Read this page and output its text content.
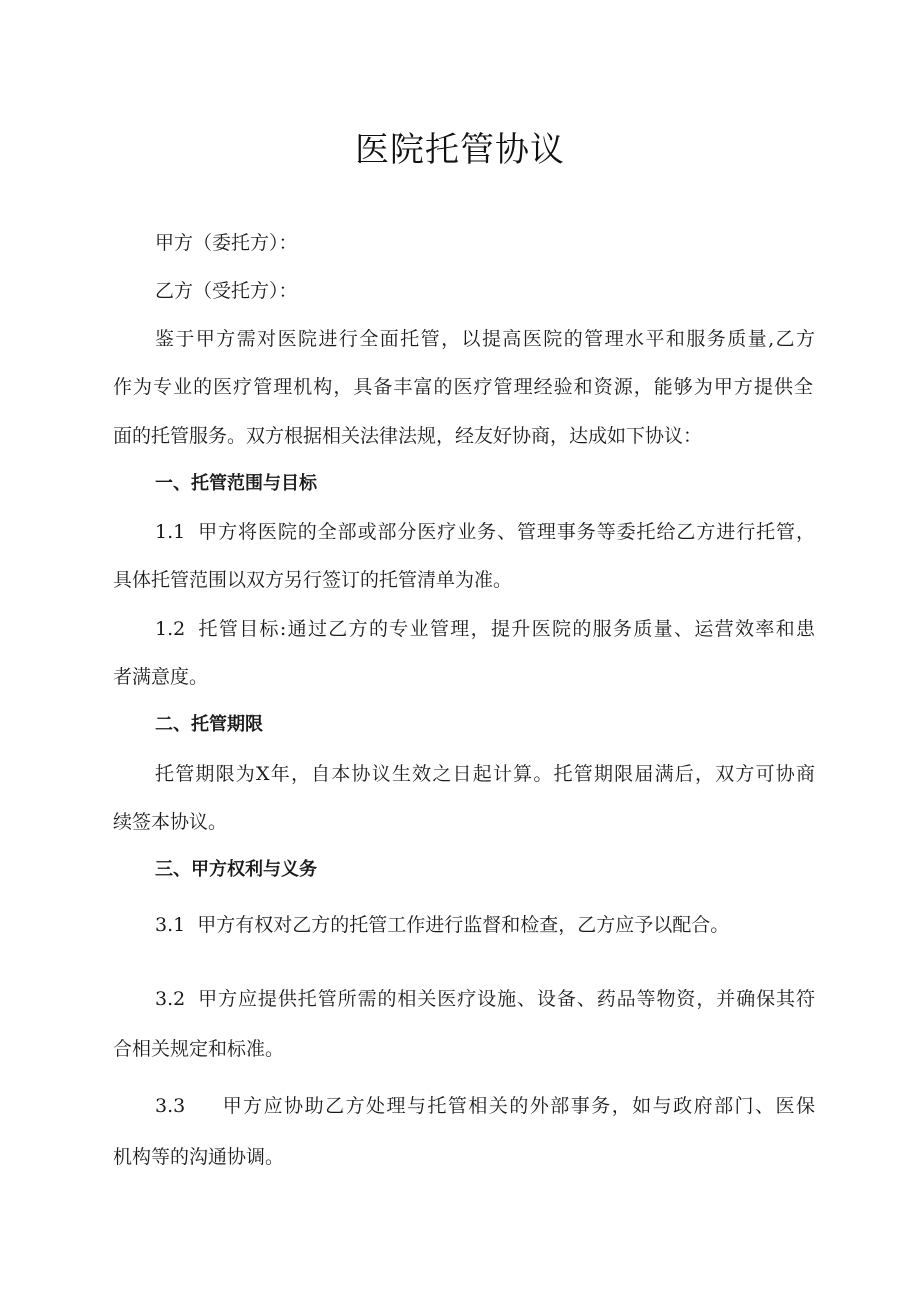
医院托管协议
甲方（委托方）：
乙方（受托方）：
鉴于甲方需对医院进行全面托管，以提高医院的管理水平和服务质量,乙方
作为专业的医疗管理机构，具备丰富的医疗管理经验和资源，能够为甲方提供全
面的托管服务。双方根据相关法律法规，经友好协商，达成如下协议：
一、托管范围与目标
1.1 甲方将医院的全部或部分医疗业务、管理事务等委托给乙方进行托管，
具体托管范围以双方另行签订的托管清单为准。
1.2 托管目标:通过乙方的专业管理，提升医院的服务质量、运营效率和患
者满意度。
二、托管期限
托管期限为X年，自本协议生效之日起计算。托管期限届满后，双方可协商
续签本协议。
三、甲方权利与义务
3.1 甲方有权对乙方的托管工作进行监督和检查，乙方应予以配合。
3.2 甲方应提供托管所需的相关医疗设施、设备、药品等物资，并确保其符
合相关规定和标准。
3.3 甲方应协助乙方处理与托管相关的外部事务，如与政府部门、医保
机构等的沟通协调。
